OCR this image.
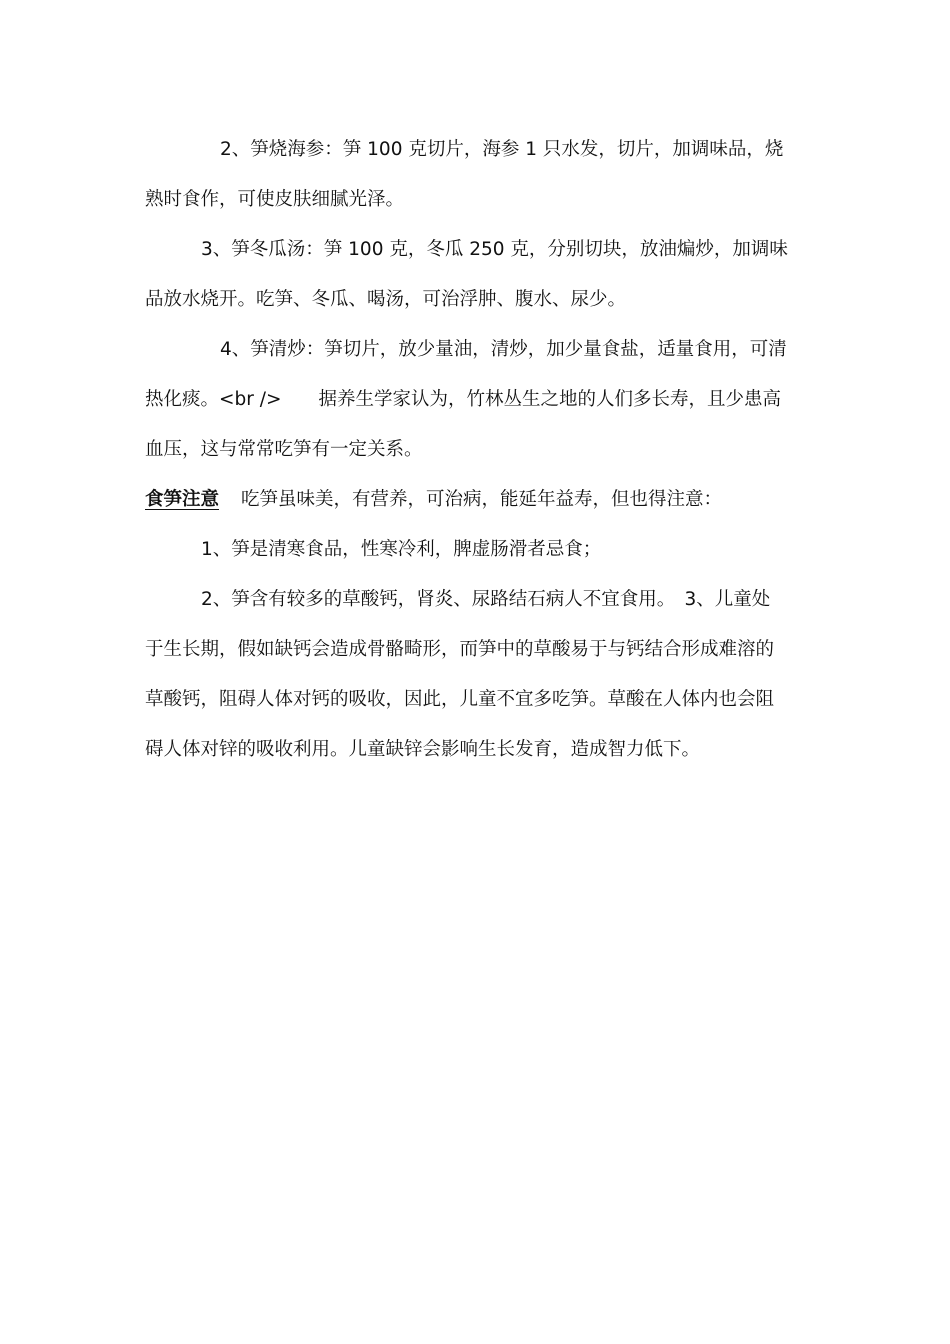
2、笋烧海参：笋 100 克切片，海参 1 只水发，切片，加调味品，烧
熟时食作，可使皮肤细腻光泽。
3、笋冬瓜汤：笋 100 克，冬瓜 250 克，分别切块，放油煸炒，加调味
品放水烧开。吃笋、冬瓜、喝汤，可治浮肿、腹水、尿少。
4、笋清炒：笋切片，放少量油，清炒，加少量食盐，适量食用，可清
热化痰。<br />　　据养生学家认为，竹林丛生之地的人们多长寿，且少患高
血压，这与常常吃笋有一定关系。
食笋注意 吃笋虽味美，有营养，可治病，能延年益寿，但也得注意：
1、笋是清寒食品，性寒冷利，脾虚肠滑者忌食；
2、笋含有较多的草酸钙，肾炎、尿路结石病人不宜食用。　3、儿童处
于生长期，假如缺钙会造成骨骼畸形，而笋中的草酸易于与钙结合形成难溶的
草酸钙，阻碍人体对钙的吸收，因此，儿童不宜多吃笋。草酸在人体内也会阻
碍人体对锌的吸收利用。儿童缺锌会影响生长发育，造成智力低下。
